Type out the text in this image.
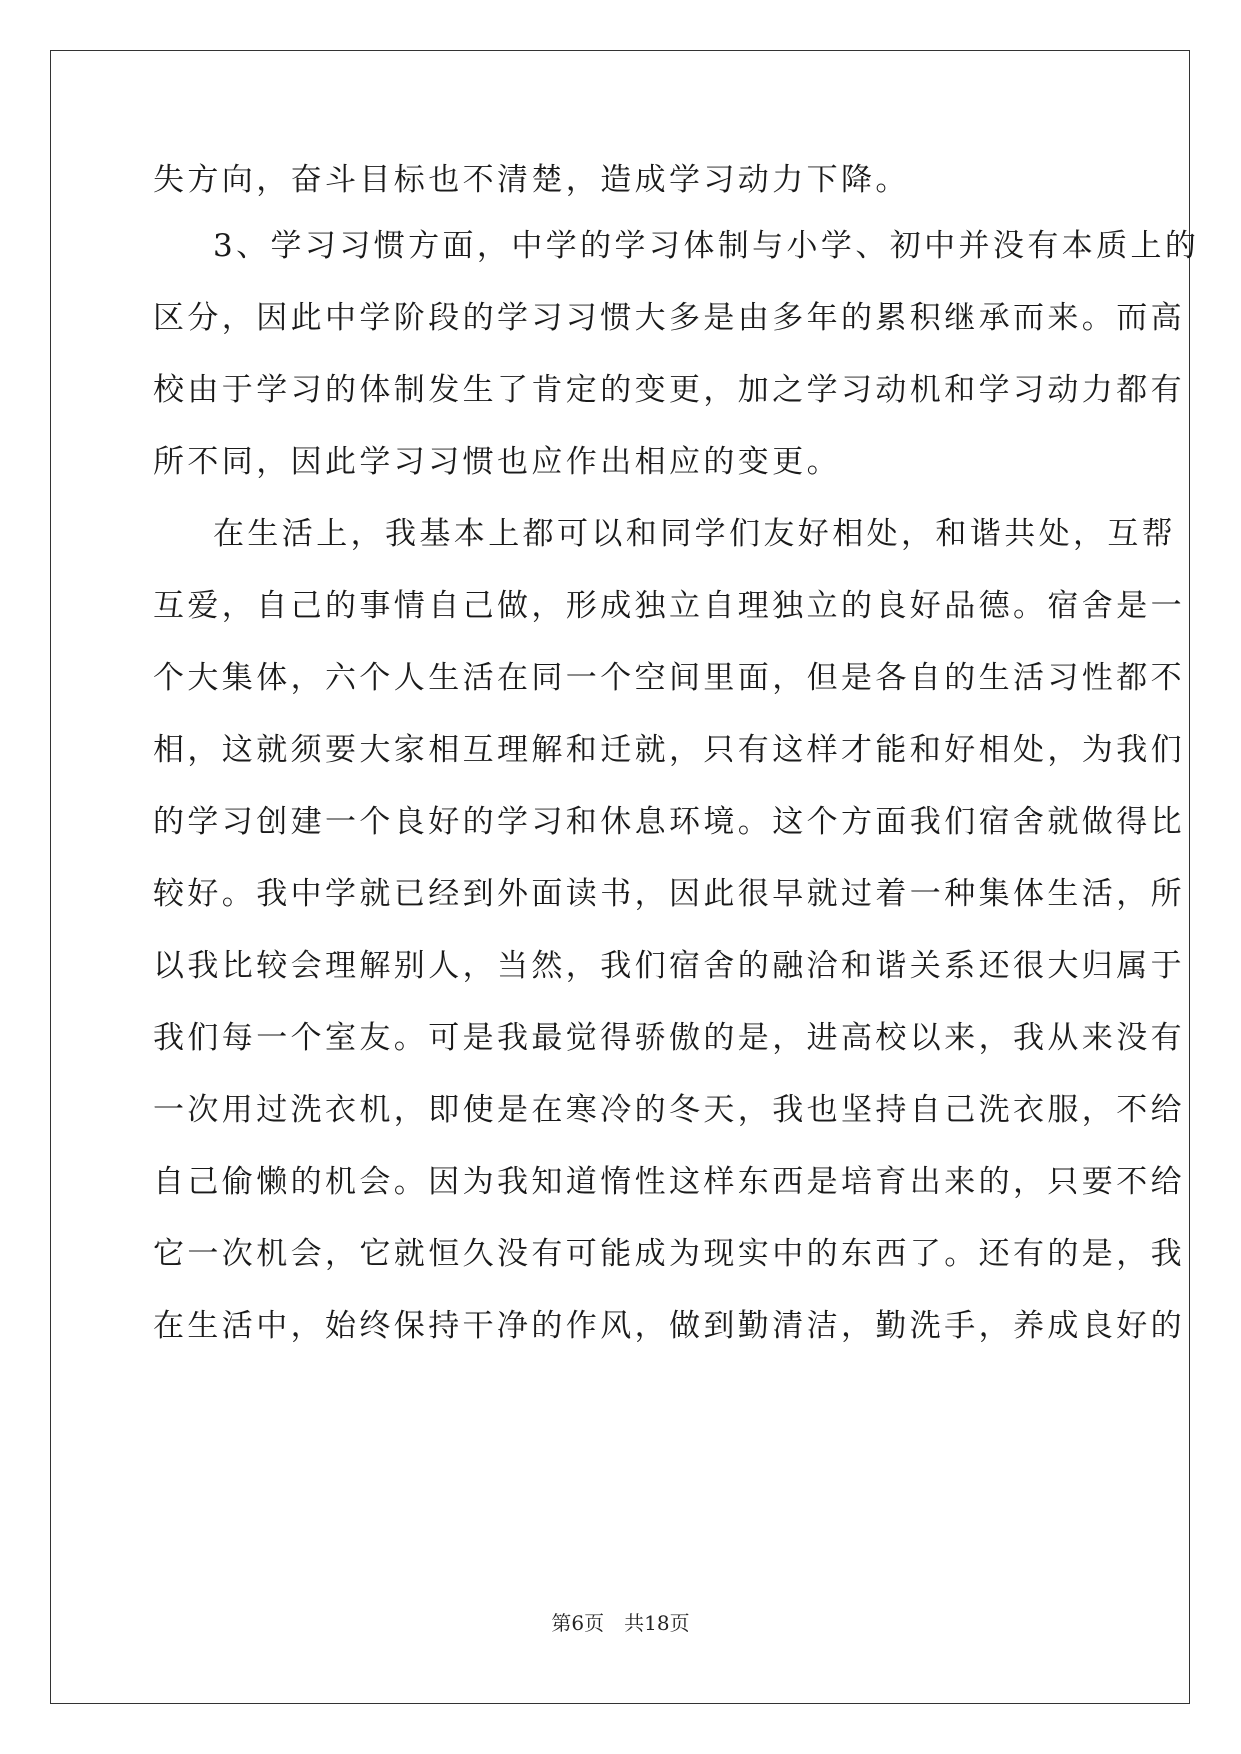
失方向，奋斗目标也不清楚，造成学习动力下降。
3、学习习惯方面，中学的学习体制与小学、初中并没有本质上的
区分，因此中学阶段的学习习惯大多是由多年的累积继承而来。而高
校由于学习的体制发生了肯定的变更，加之学习动机和学习动力都有
所不同，因此学习习惯也应作出相应的变更。
在生活上，我基本上都可以和同学们友好相处，和谐共处，互帮
互爱，自己的事情自己做，形成独立自理独立的良好品德。宿舍是一
个大集体，六个人生活在同一个空间里面，但是各自的生活习性都不
相，这就须要大家相互理解和迁就，只有这样才能和好相处，为我们
的学习创建一个良好的学习和休息环境。这个方面我们宿舍就做得比
较好。我中学就已经到外面读书，因此很早就过着一种集体生活，所
以我比较会理解别人，当然，我们宿舍的融洽和谐关系还很大归属于
我们每一个室友。可是我最觉得骄傲的是，进高校以来，我从来没有
一次用过洗衣机，即使是在寒冷的冬天，我也坚持自己洗衣服，不给
自己偷懒的机会。因为我知道惰性这样东西是培育出来的，只要不给
它一次机会，它就恒久没有可能成为现实中的东西了。还有的是，我
在生活中，始终保持干净的作风，做到勤清洁，勤洗手，养成良好的
第6页　共18页
